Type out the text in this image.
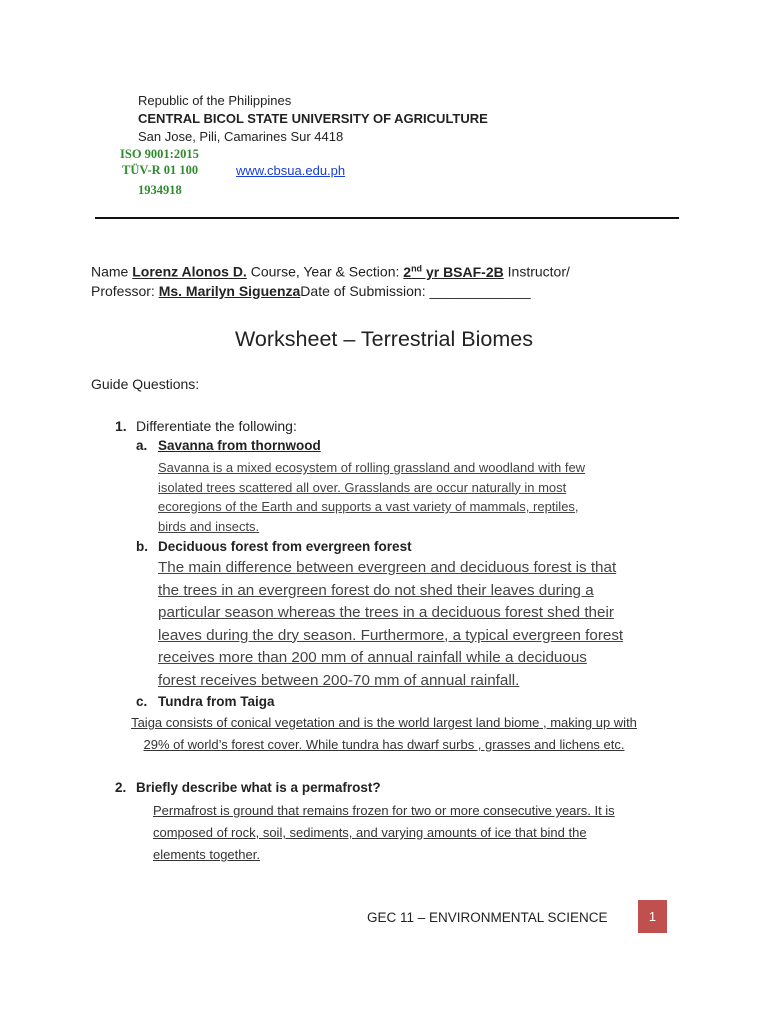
Republic of the Philippines
CENTRAL BICOL STATE UNIVERSITY OF AGRICULTURE
San Jose, Pili, Camarines Sur 4418
ISO 9001:2015
TÜV-R 01 100
1934918
www.cbsua.edu.ph
Name Lorenz Alonos D. Course, Year & Section: 2nd yr BSAF-2B Instructor/
Professor: Ms. Marilyn SiguenzaDate of Submission: _____________
Worksheet – Terrestrial Biomes
Guide Questions:
1. Differentiate the following:
a. Savanna from thornwood
Savanna is a mixed ecosystem of rolling grassland and woodland with few
isolated trees scattered all over. Grasslands are occur naturally in most
ecoregions of the Earth and supports a vast variety of mammals, reptiles,
birds and insects.
b. Deciduous forest from evergreen forest
The main difference between evergreen and deciduous forest is that
the trees in an evergreen forest do not shed their leaves during a
particular season whereas the trees in a deciduous forest shed their
leaves during the dry season. Furthermore, a typical evergreen forest
receives more than 200 mm of annual rainfall while a deciduous
forest receives between 200-70 mm of annual rainfall.
c. Tundra from Taiga
Taiga consists of conical vegetation and is the world largest land biome , making up with
29% of world’s forest cover. While tundra has dwarf surbs , grasses and lichens etc.
2. Briefly describe what is a permafrost?
Permafrost is ground that remains frozen for two or more consecutive years. It is
composed of rock, soil, sediments, and varying amounts of ice that bind the
elements together.
GEC 11 – ENVIRONMENTAL SCIENCE	1
